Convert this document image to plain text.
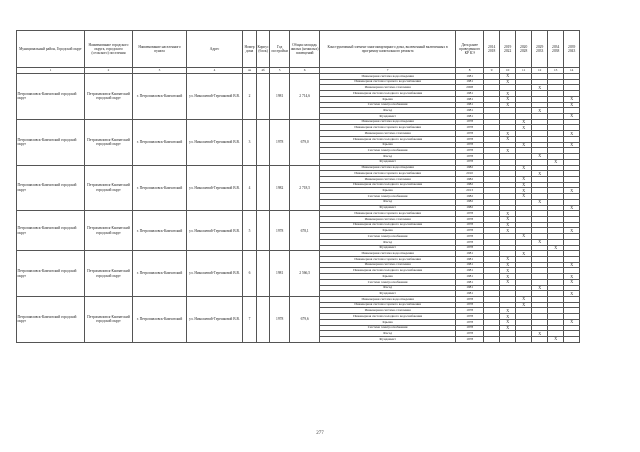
Муниципальный район, Городской округ	Наименование городского округа, городского (сельского) поселения	Наименование населенного пункта	Адрес	Номер дома	Корпус (блок)	Год постройки	Общая площадь жилых (нежилых) помещений	Конструктивный элемент многоквартирного дома, включенный включенных в программу капитального ремонта	Дата ранее проведенного КР КЭ	2014 2018	2019 2022	2020 2028	2029 2033	2034 2038	2039 2043
1	2	3	4	4а	4б	5	6	7	8	9	10	11	12	13	14
Петропавловск-Камчатский городской округ	Петропавловск-Камчатский городской округ	г. Петропавловск-Камчатский	ул. Николаевой-Терешковой В.В.	2		1981	2 714,6	Инженерная система водоотведения	1981		X				
								Инженерная система горячего водоснабжения	1981		X				
								Инженерная система отопления	2008				X		
								Инженерная система холодного водоснабжения	1981		X				
								Крыша	1981		X				X
								Система электроснабжения	1981		X				X
								Фасад	1981				X		
								Фундамент	1981						X
Петропавловск-Камчатский городской округ	Петропавловск-Камчатский городской округ	г. Петропавловск-Камчатский	ул. Николаевой-Терешковой В.В.	3		1978	679,0	Инженерная система водоотведения	1978			X			
								Инженерная система горячего водоснабжения	1978			X			
								Инженерная система отопления	1978		X				X
								Инженерная система холодного водоснабжения	1978		X				
								Крыша	1978			X			X
								Система электроснабжения	1978		X				
								Фасад	1978				X		
								Фундамент	1978					X	
Петропавловск-Камчатский городской округ	Петропавловск-Камчатский городской округ	г. Петропавловск-Камчатский	ул. Николаевой-Терешковой В.В.	4		1982	2 718,5	Инженерная система водоотведения	1982			X			
								Инженерная система горячего водоснабжения	2010				X		
								Инженерная система отопления	1982			X			
								Инженерная система холодного водоснабжения	1982			X			
								Крыша	2013			X			X
								Система электроснабжения	1982			X			
								Фасад	1982				X		
								Фундамент	1982						X
Петропавловск-Камчатский городской округ	Петропавловск-Камчатский городской округ	г. Петропавловск-Камчатский	ул. Николаевой-Терешковой В.В.	5		1978	678,1	Инженерная система горячего водоснабжения	1978		X				
								Инженерная система отопления	1978		X				
								Инженерная система холодного водоснабжения	1978		X				
								Крыша	1978		X				X
								Система электроснабжения	1978			X			
								Фасад	1978				X		
								Фундамент	1978					X	
Петропавловск-Камчатский городской округ	Петропавловск-Камчатский городской округ	г. Петропавловск-Камчатский	ул. Николаевой-Терешковой В.В.	6		1981	2 566,5	Инженерная система водоотведения	1981			X			
								Инженерная система горячего водоснабжения	1981		X				
								Инженерная система отопления	1981		X				X
								Инженерная система холодного водоснабжения	1981		X				
								Крыша	1981		X				X
								Система электроснабжения	1981		X				X
								Фасад	1981				X		
								Фундамент	1981						X
Петропавловск-Камчатский городской округ	Петропавловск-Камчатский городской округ	г. Петропавловск-Камчатский	ул. Николаевой-Терешковой В.В.	7		1978	679,6	Инженерная система водоотведения	1978			X			
								Инженерная система горячего водоснабжения	1978			X			
								Инженерная система отопления	1978		X				
								Инженерная система холодного водоснабжения	1978		X				
								Крыша	1978		X				X
								Система электроснабжения	1978		X				
								Фасад	1978				X		
								Фундамент	1978					X	
277
